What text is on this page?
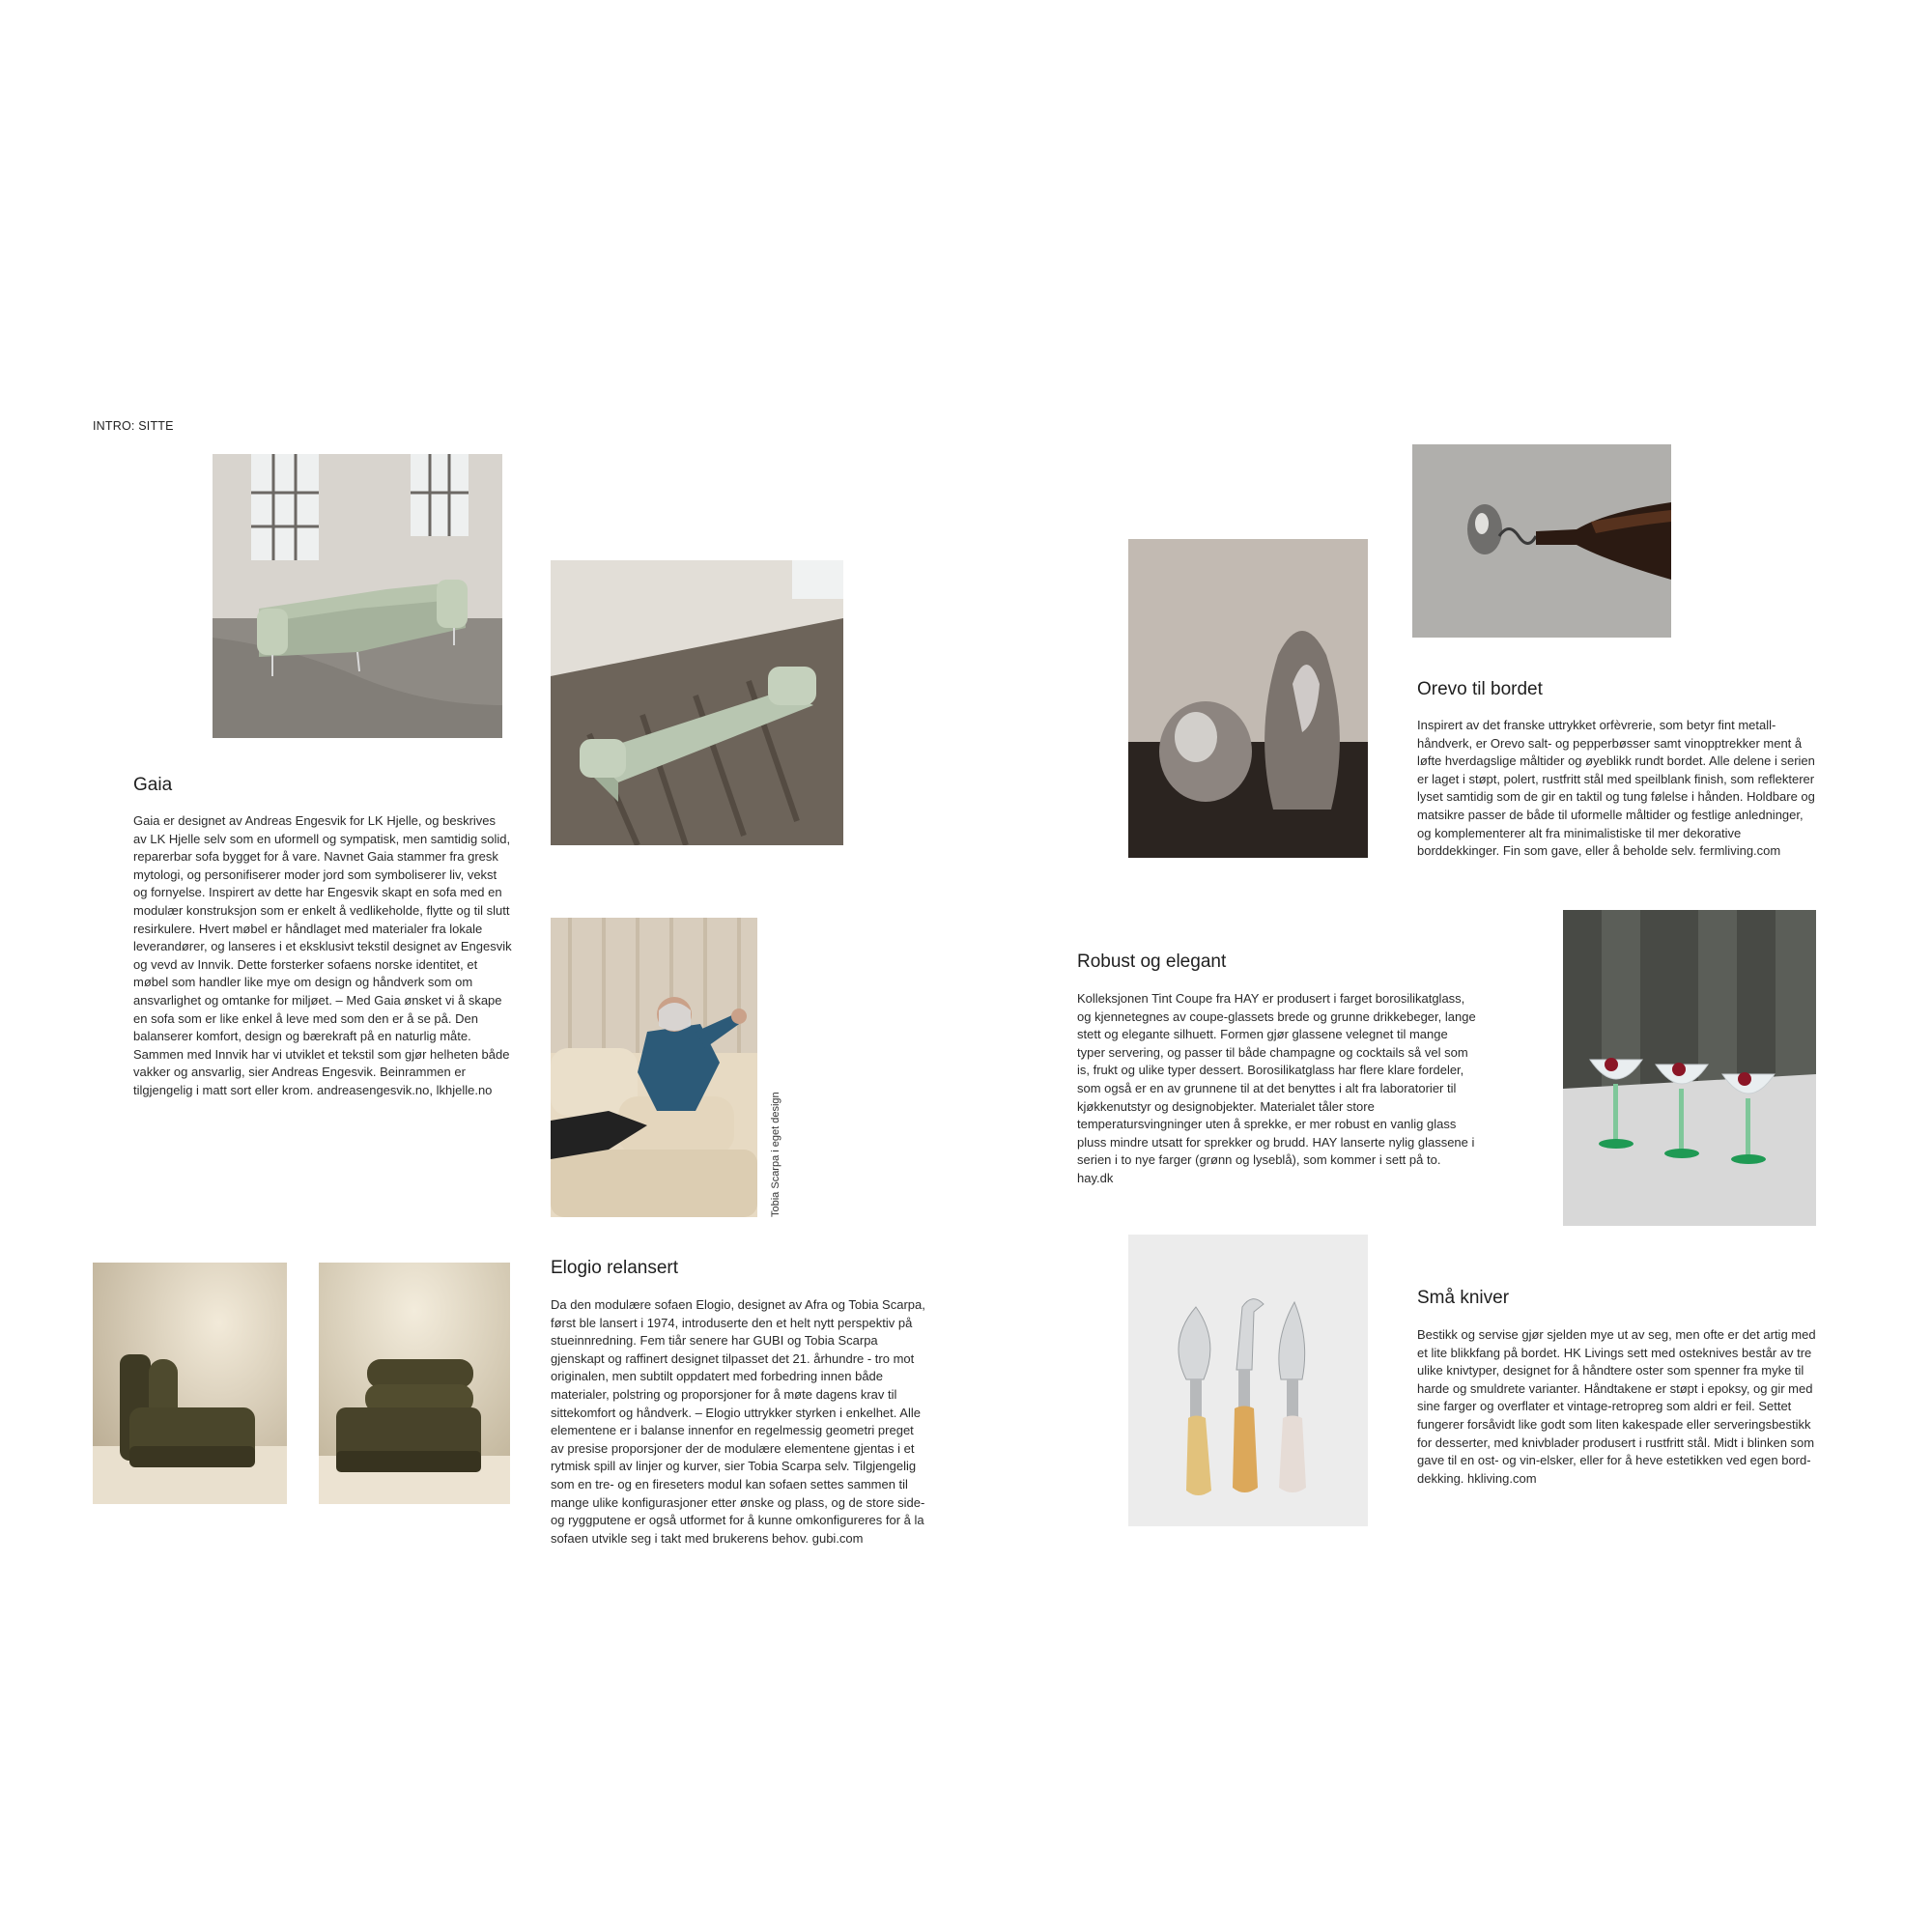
INTRO: SITTE
Gaia

Gaia er designet av Andreas Engesvik for LK Hjelle, og beskrives av LK Hjelle selv som en uformell og sympatisk, men samtidig solid, reparerbar sofa bygget for å vare. Navnet Gaia stammer fra gresk mytologi, og personifiserer moder jord som symboliserer liv, vekst og fornyelse. Inspirert av dette har Engesvik skapt en sofa med en modulær konstruksjon som er enkelt å vedlikeholde, flytte og til slutt resirkulere. Hvert møbel er håndlaget med materialer fra lokale leverandører, og lanseres i et eksklusivt tekstil designet av Engesvik og vevd av Innvik. Dette forsterker sofaens norske identitet, et møbel som handler like mye om design og håndverk som om ansvarlighet og omtanke for miljøet. – Med Gaia ønsket vi å skape en sofa som er like enkel å leve med som den er å se på. Den balanserer komfort, design og bærekraft på en naturlig måte. Sammen med Innvik har vi utviklet et tekstil som gjør helheten både vakker og ansvarlig, sier Andreas Engesvik. Beinrammen er tilgjengelig i matt sort eller krom. andreasengesvik.no, lkhjelle.no

Tobia Scarpa i eget design
Elogio relansert

Da den modulære sofaen Elogio, designet av Afra og Tobia Scarpa, først ble lansert i 1974, introduserte den et helt nytt perspektiv på stueinnredning. Fem tiår senere har GUBI og Tobia Scarpa gjenskapt og raffinert designet tilpasset det 21. århundre - tro mot originalen, men subtilt oppdatert med forbedring innen både materialer, polstring og proporsjoner for å møte dagens krav til sittekomfort og håndverk. – Elogio uttrykker styrken i enkelhet. Alle elementene er i balanse innenfor en regelmessig geometri preget av presise proporsjoner der de modulære elementene gjentas i et rytmisk spill av linjer og kurver, sier Tobia Scarpa selv. Tilgjengelig som en tre- og en fireseters modul kan sofaen settes sammen til mange ulike konfigurasjoner etter ønske og plass, og de store side- og ryggputene er også utformet for å kunne omkonfigureres for å la sofaen utvikle seg i takt med brukerens behov. gubi.com

Orevo til bordet

Inspirert av det franske uttrykket orfèvrerie, som betyr fint metall-håndverk, er Orevo salt- og pepperbøsser samt vinopptrekker ment å løfte hverdagslige måltider og øyeblikk rundt bordet. Alle delene i serien er laget i støpt, polert, rustfritt stål med speilblank finish, som reflekterer lyset samtidig som de gir en taktil og tung følelse i hånden. Holdbare og matsikre passer de både til uformelle måltider og festlige anledninger, og komplementerer alt fra minimalistiske til mer dekorative borddekkinger. Fin som gave, eller å beholde selv. fermliving.com

Robust og elegant

Kolleksjonen Tint Coupe fra HAY er produsert i farget borosilikatglass, og kjennetegnes av coupe-glassets brede og grunne drikkebeger, lange stett og elegante silhuett. Formen gjør glassene velegnet til mange typer servering, og passer til både champagne og cocktails så vel som is, frukt og ulike typer dessert. Borosilikatglass har flere klare fordeler, som også er en av grunnene til at det benyttes i alt fra laboratorier til kjøkkenutstyr og designobjekter. Materialet tåler store temperatursvingninger uten å sprekke, er mer robust en vanlig glass pluss mindre utsatt for sprekker og brudd. HAY lanserte nylig glassene i serien i to nye farger (grønn og lyseblå), som kommer i sett på to. hay.dk

Små kniver

Bestikk og servise gjør sjelden mye ut av seg, men ofte er det artig med et lite blikkfang på bordet. HK Livings sett med osteknives består av tre ulike knivtyper, designet for å håndtere oster som spenner fra myke til harde og smuldrete varianter. Håndtakene er støpt i epoksy, og gir med sine farger og overflater et vintage-retropreg som aldri er feil. Settet fungerer forsåvidt like godt som liten kakespade eller serveringsbestikk for desserter, med knivblader produsert i rustfritt stål. Midt i blinken som gave til en ost- og vin-elsker, eller for å heve estetikken ved egen bord-dekking. hkliving.com
